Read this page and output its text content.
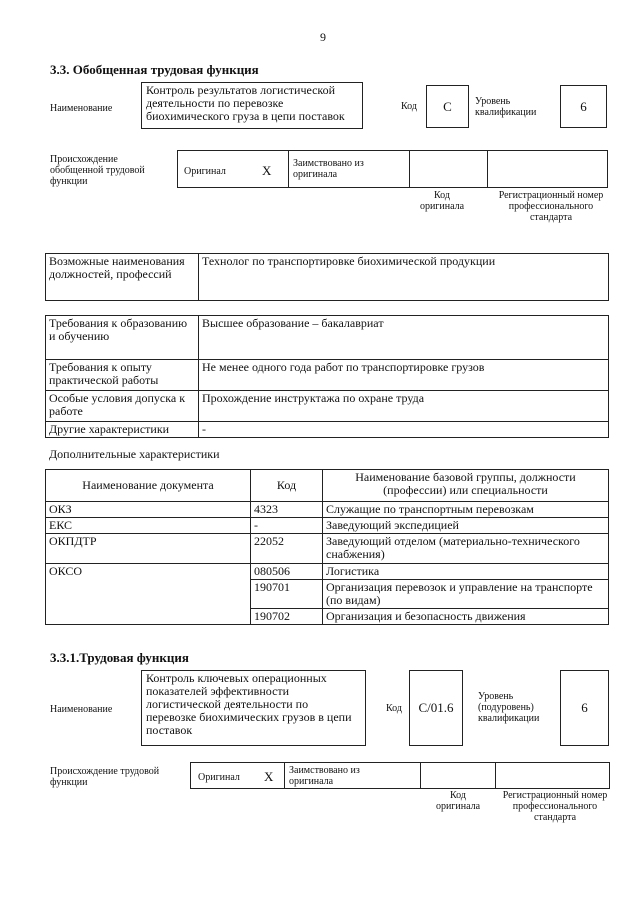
9
3.3. Обобщенная трудовая функция
Наименование
Контроль результатов логистической деятельности по перевозке биохимического груза в цепи поставок
Код	С	Уровень квалификации	6
Происхождение обобщенной трудовой функции
Оригинал	X Заимствовано из оригинала
Код оригинала
Регистрационный номер профессионального стандарта
Возможные наименования должностей, профессий	Технолог по транспортировке биохимической продукции
Требования к образованию и обучению	Высшее образование – бакалавриат
Требования к опыту практической работы	Не менее одного года работ по транспортировке грузов
Особые условия допуска к работе	Прохождение инструктажа по охране труда
Другие характеристики	-
Дополнительные характеристики
Наименование документа	Код	Наименование базовой группы, должности (профессии) или специальности
ОКЗ	4323	Служащие по транспортным перевозкам
ЕКС	-	Заведующий экспедицией
ОКПДТР	22052	Заведующий отделом (материально-технического снабжения)
ОКСО	080506	Логистика
	190701	Организация перевозок и управление на транспорте (по видам)
	190702	Организация и безопасность движения
3.3.1.Трудовая функция
Наименование
Контроль ключевых операционных показателей эффективности логистической деятельности по перевозке биохимических грузов в цепи поставок
Код	С/01.6
Уровень (подуровень) квалификации
6
Происхождение трудовой функции	Оригинал X Заимствовано из оригинала
Код оригинала
Регистрационный номер профессионального стандарта
